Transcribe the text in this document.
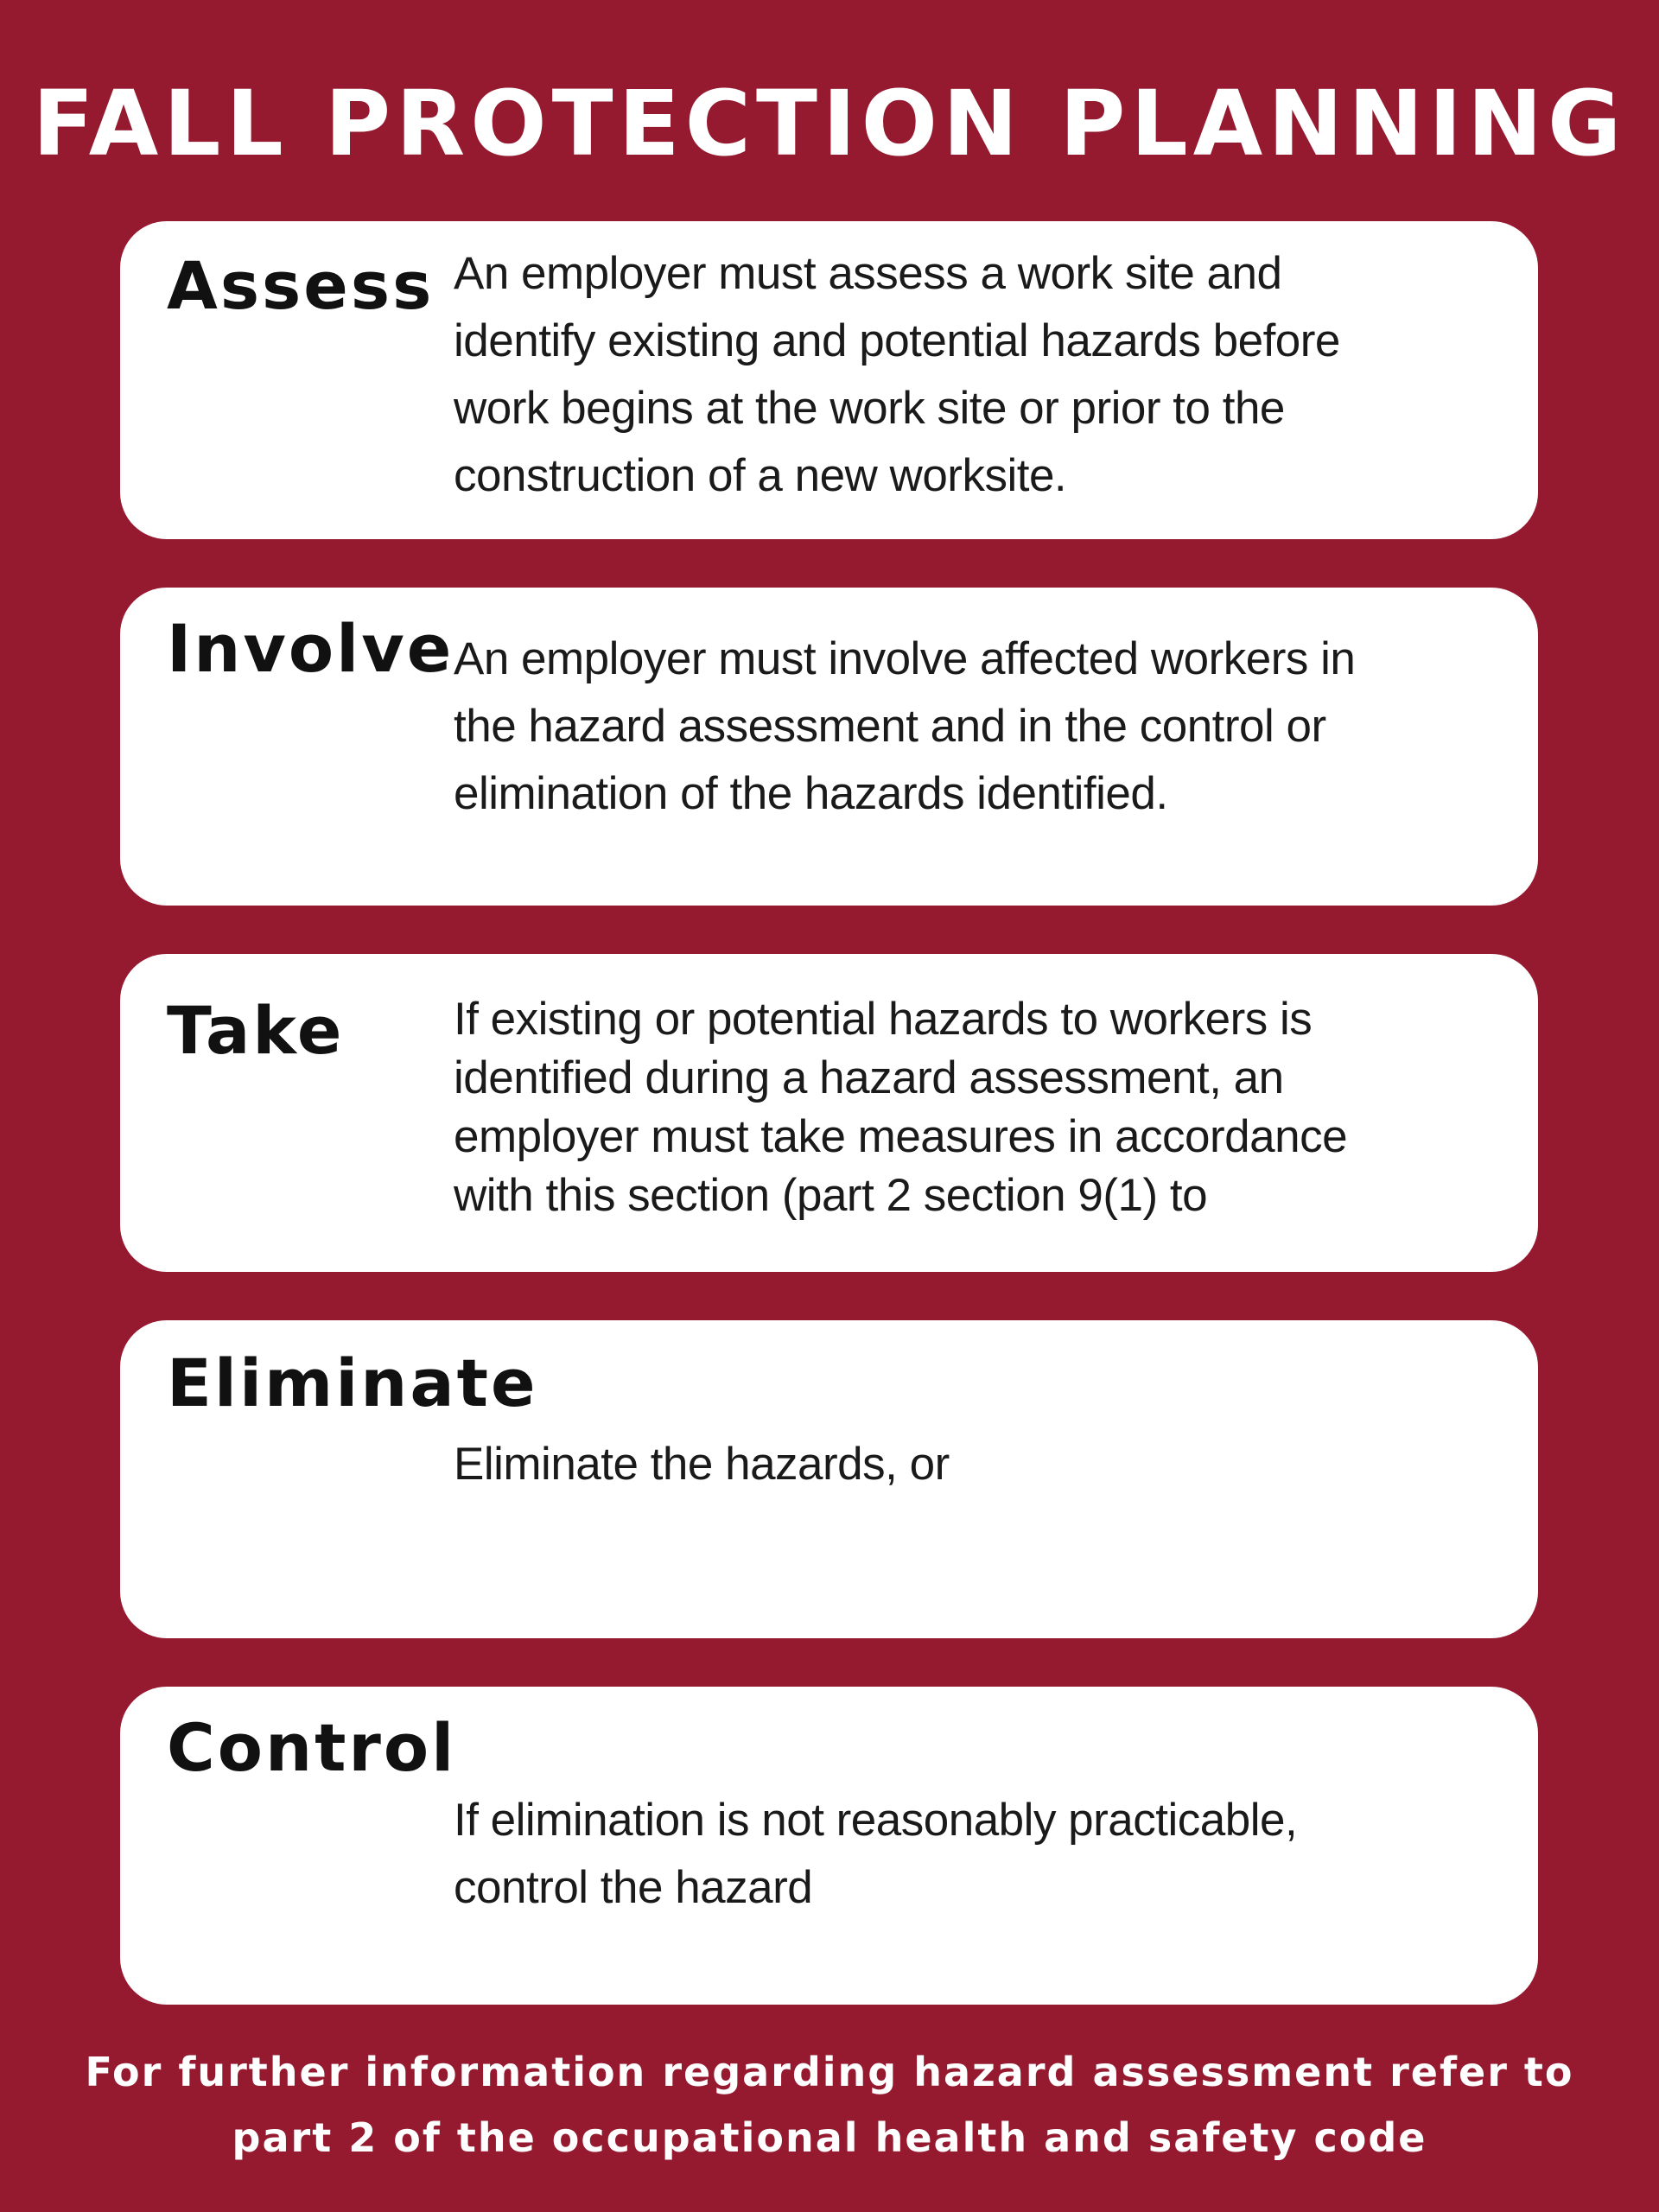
FALL PROTECTION PLANNING
Assess An employer must assess a work site and
identify existing and potential hazards before
work begins at the work site or prior to the
construction of a new worksite.
Involve An employer must involve affected workers in
the hazard assessment and in the control or
elimination of the hazards identified.
Take If existing or potential hazards to workers is
identified during a hazard assessment, an
employer must take measures in accordance
with this section (part 2 section 9(1) to
Eliminate
Eliminate the hazards, or
Control
If elimination is not reasonably practicable,
control the hazard
For further information regarding hazard assessment refer to
part 2 of the occupational health and safety code
